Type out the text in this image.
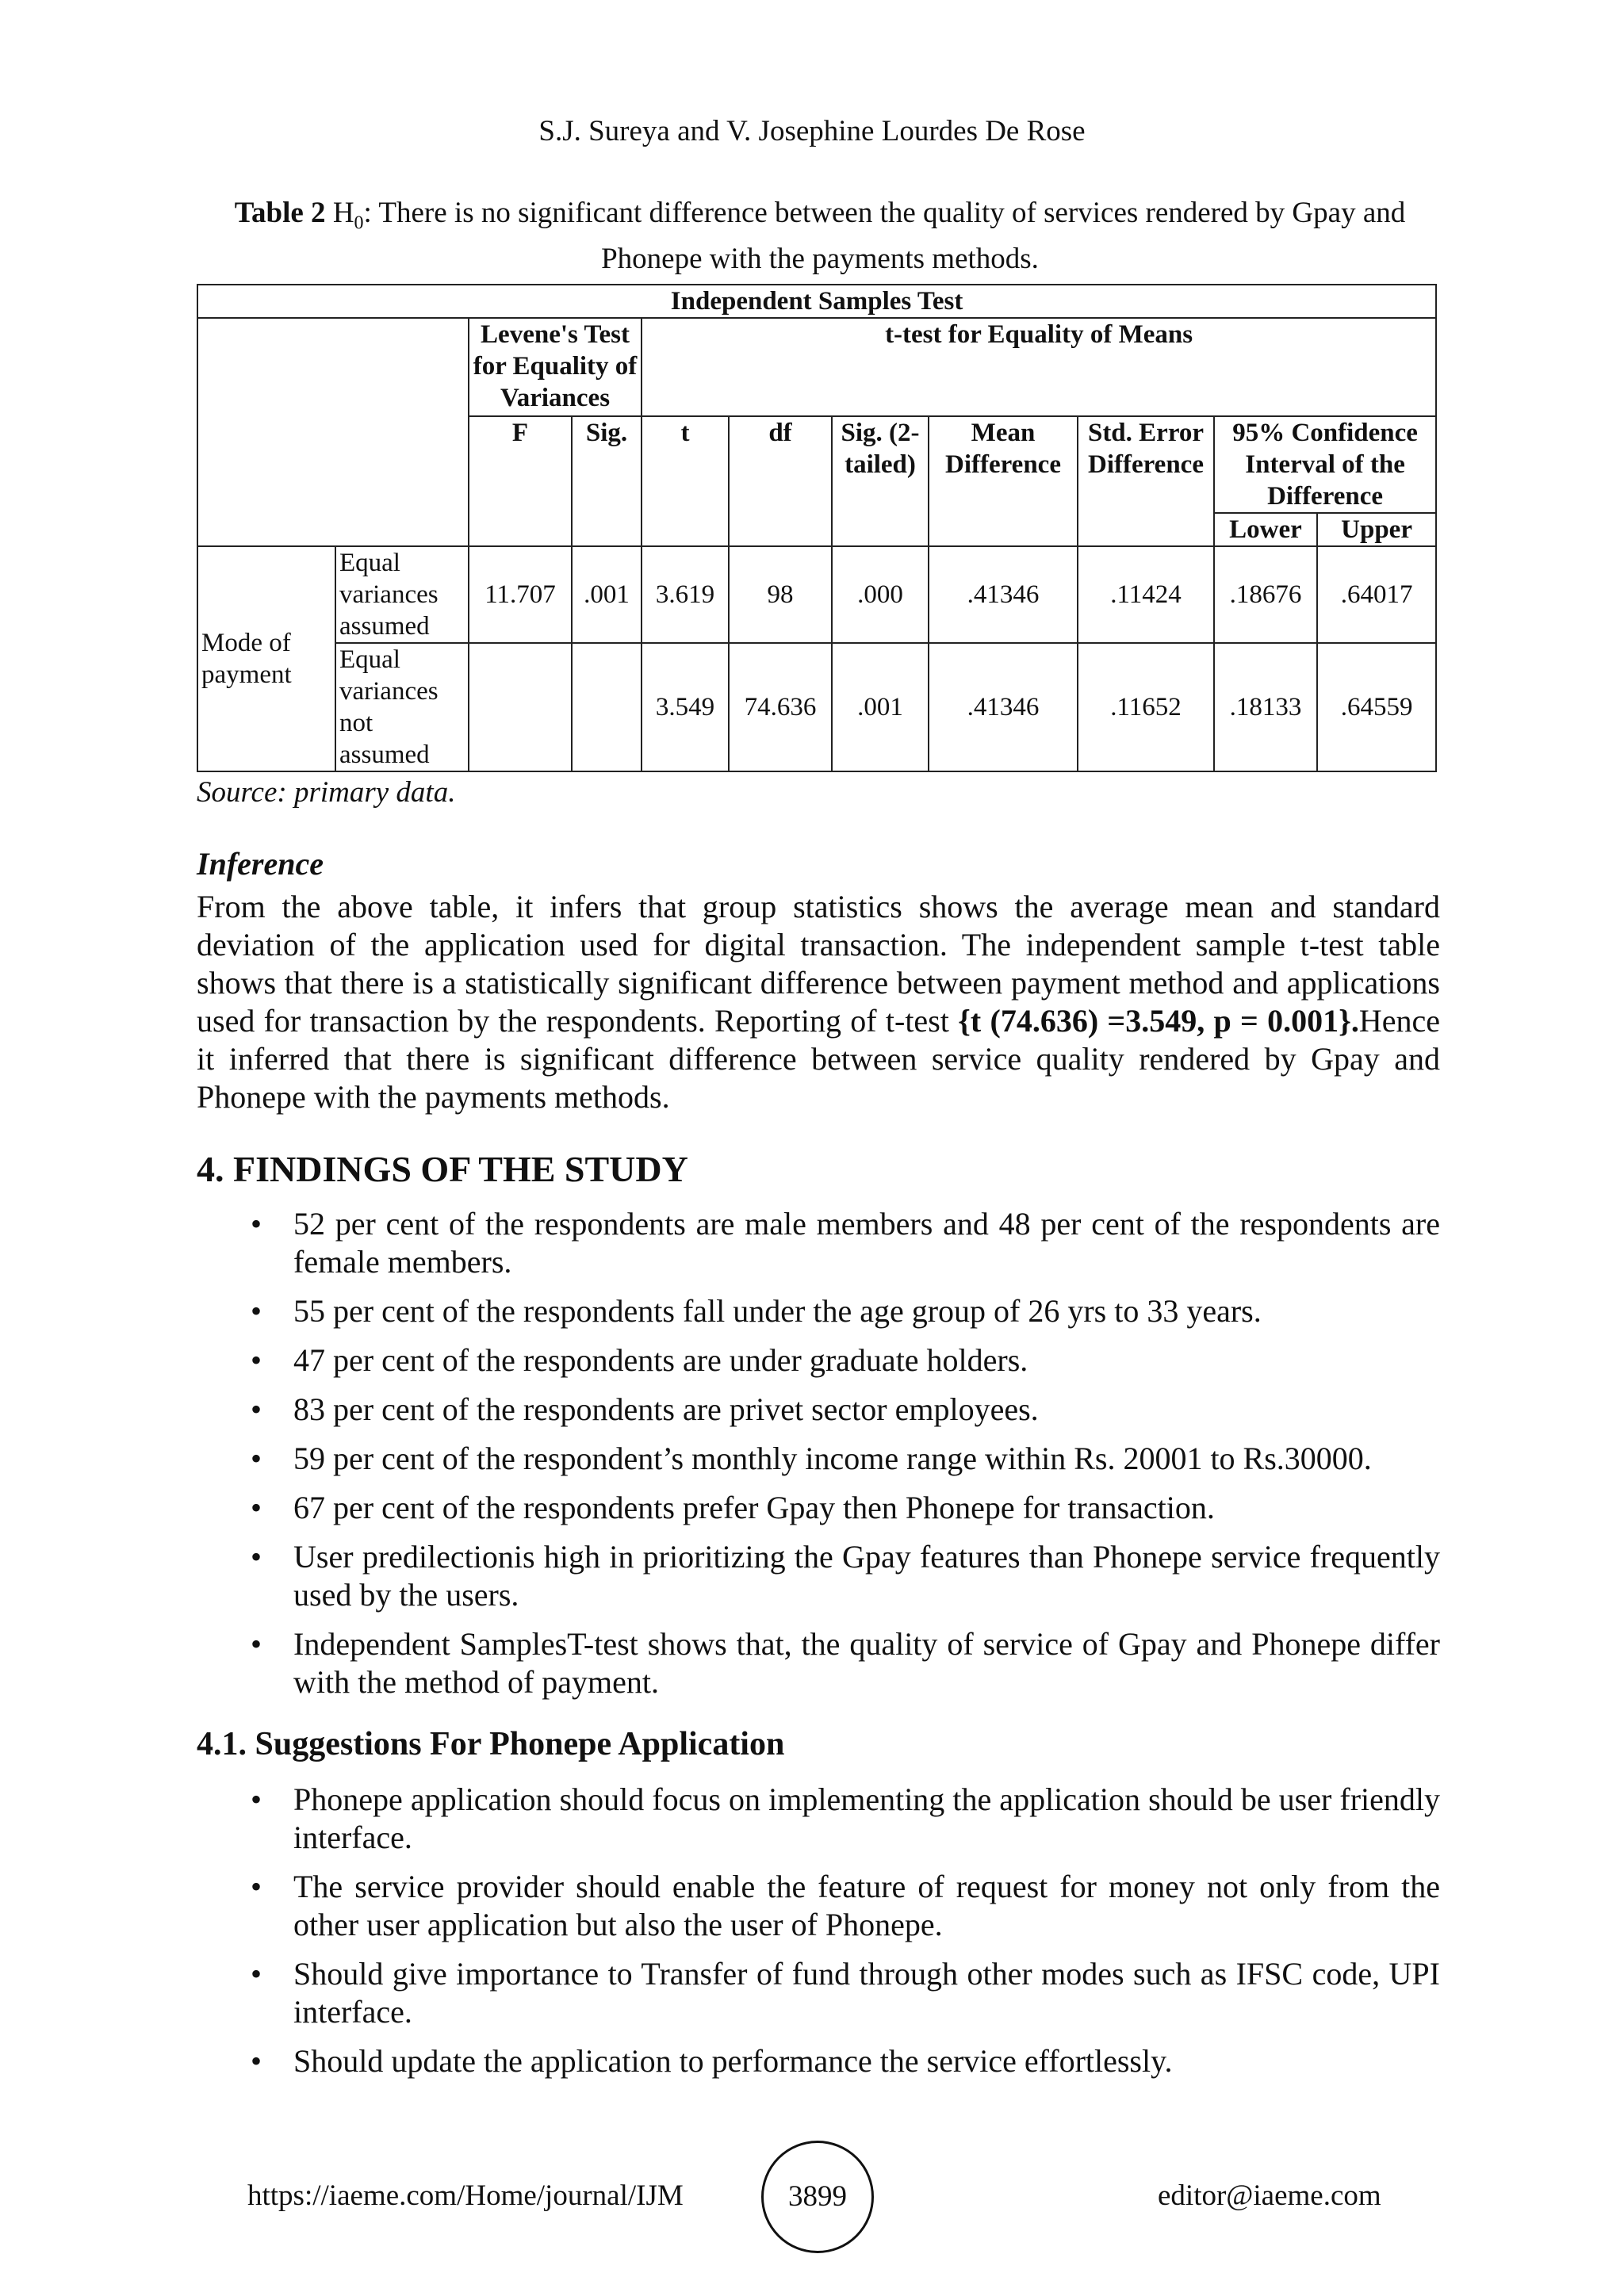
S.J. Sureya and V. Josephine Lourdes De Rose
Table 2 $H_0$: There is no significant difference between the quality of services rendered by Gpay and Phonepe with the payments methods.
Independent Samples Test										
		Levene's Test for Equality of Variances		t-test for Equality of Means						
		F	Sig.	t	df	Sig. (2-tailed)	Mean Difference	Std. Error Difference	95% Confidence Interval of the Difference	
									Lower	Upper

Mode of payment	Equal variances assumed	11.707	.001	3.619	98	.000	.41346	.11424	.18676	.64017
	Equal variances not assumed			3.549	74.636	.001	.41346	.11652	.18133	.64559
Source: primary data.
Inference
From the above table, it infers that group statistics shows the average mean and standard deviation of the application used for digital transaction. The independent sample t-test table shows that there is a statistically significant difference between payment method and applications used for transaction by the respondents. Reporting of t-test {t (74.636) =3.549, p = 0.001}.Hence it inferred that there is significant difference between service quality rendered by Gpay and Phonepe with the payments methods.
4. FINDINGS OF THE STUDY
• 52 per cent of the respondents are male members and 48 per cent of the respondents are female members.
• 55 per cent of the respondents fall under the age group of 26 yrs to 33 years.
• 47 per cent of the respondents are under graduate holders.
• 83 per cent of the respondents are privet sector employees.
• 59 per cent of the respondent’s monthly income range within Rs. 20001 to Rs.30000.
• 67 per cent of the respondents prefer Gpay then Phonepe for transaction.
• User predilectionis high in prioritizing the Gpay features than Phonepe service frequently used by the users.
• Independent SamplesT-test shows that, the quality of service of Gpay and Phonepe differ with the method of payment.
4.1. Suggestions For Phonepe Application
• Phonepe application should focus on implementing the application should be user friendly interface.
• The service provider should enable the feature of request for money not only from the other user application but also the user of Phonepe.
• Should give importance to Transfer of fund through other modes such as IFSC code, UPI interface.
• Should update the application to performance the service effortlessly.
https://iaeme.com/Home/journal/IJM	3899	editor@iaeme.com
